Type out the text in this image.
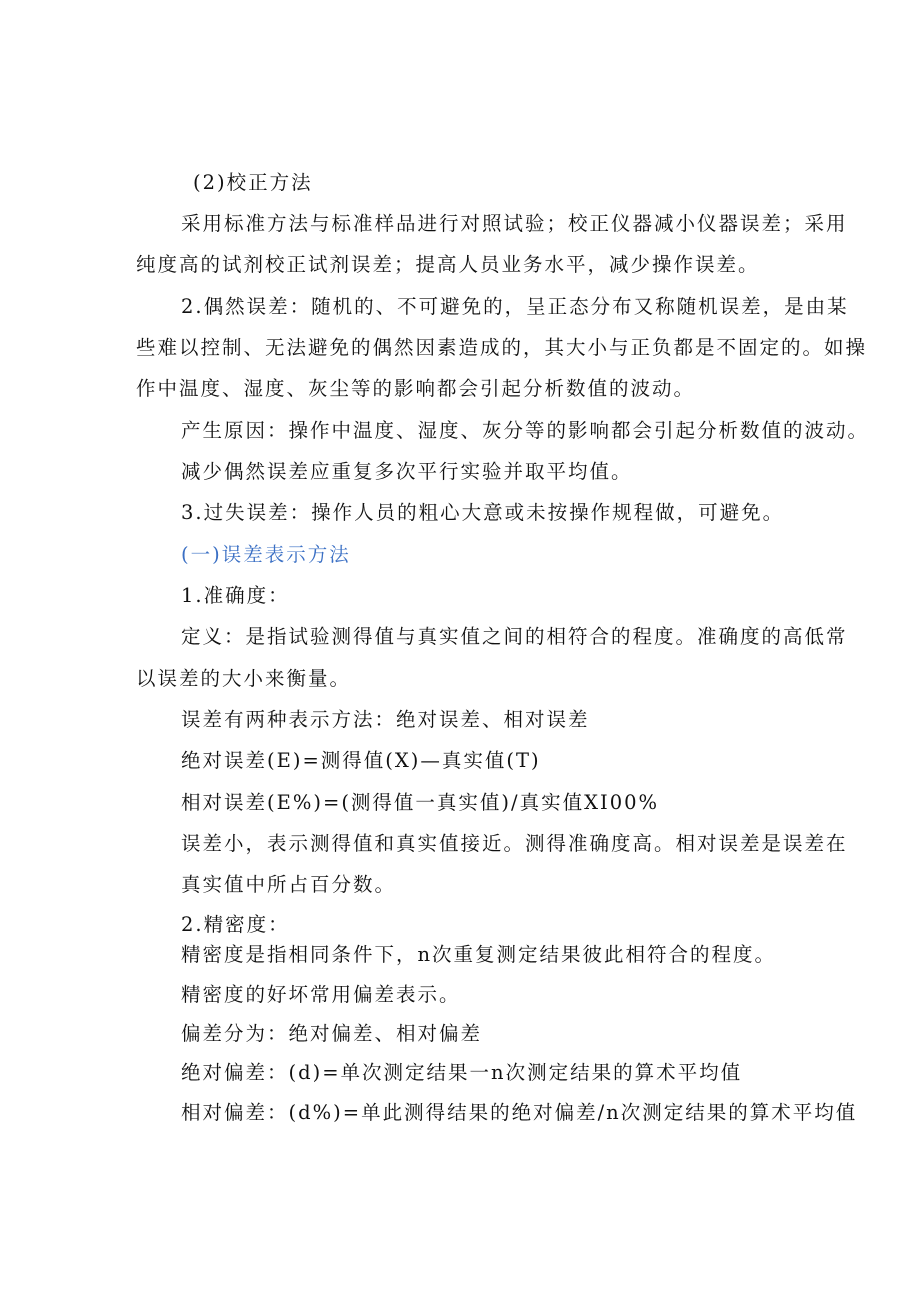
(2)校正方法
采用标准方法与标准样品进行对照试验；校正仪器减小仪器误差；采用
纯度高的试剂校正试剂误差；提高人员业务水平，减少操作误差。
2.偶然误差：随机的、不可避免的，呈正态分布又称随机误差，是由某
些难以控制、无法避免的偶然因素造成的，其大小与正负都是不固定的。如操
作中温度、湿度、灰尘等的影响都会引起分析数值的波动。
产生原因：操作中温度、湿度、灰分等的影响都会引起分析数值的波动。
减少偶然误差应重复多次平行实验并取平均值。
3.过失误差：操作人员的粗心大意或未按操作规程做，可避免。
(一)误差表示方法
1.准确度：
定义：是指试验测得值与真实值之间的相符合的程度。准确度的高低常
以误差的大小来衡量。
误差有两种表示方法：绝对误差、相对误差
绝对误差(E)=测得值(X)—真实值(T)
相对误差(E%)=(测得值一真实值)/真实值XI00%
误差小，表示测得值和真实值接近。测得准确度高。相对误差是误差在
真实值中所占百分数。
2.精密度：
精密度是指相同条件下，n次重复测定结果彼此相符合的程度。
精密度的好坏常用偏差表示。
偏差分为：绝对偏差、相对偏差
绝对偏差：(d)=单次测定结果一n次测定结果的算术平均值
相对偏差：(d%)=单此测得结果的绝对偏差/n次测定结果的算术平均值
